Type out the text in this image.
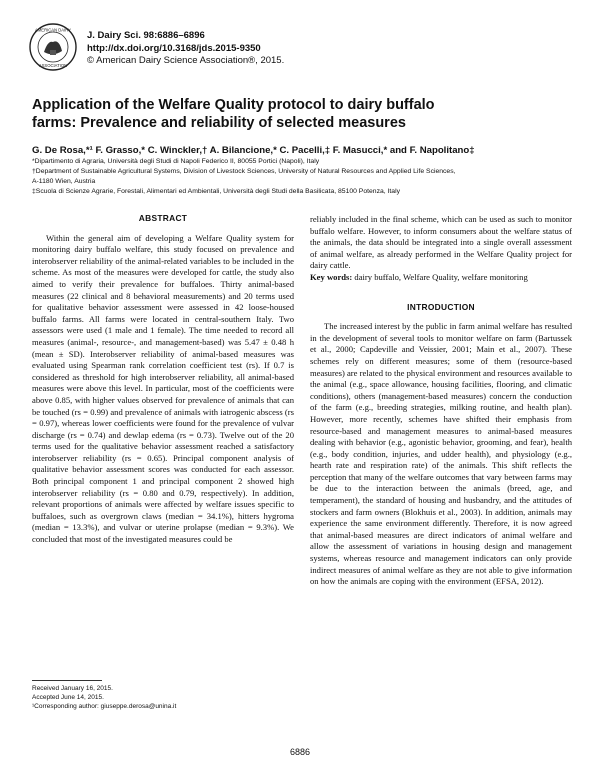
AMERICAN DAIRY
ASSOCIATION
J. Dairy Sci. 98:6886–6896
http://dx.doi.org/10.3168/jds.2015-9350
© American Dairy Science Association®, 2015.
Application of the Welfare Quality protocol to dairy buffalo
farms: Prevalence and reliability of selected measures
G. De Rosa,*¹ F. Grasso,* C. Winckler,† A. Bilancione,* C. Pacelli,‡ F. Masucci,* and F. Napolitano‡
*Dipartimento di Agraria, Università degli Studi di Napoli Federico II, 80055 Portici (Napoli), Italy
†Department of Sustainable Agricultural Systems, Division of Livestock Sciences, University of Natural Resources and Applied Life Sciences,
A-1180 Wien, Austria
‡Scuola di Scienze Agrarie, Forestali, Alimentari ed Ambientali, Università degli Studi della Basilicata, 85100 Potenza, Italy

ABSTRACT

Within the general aim of developing a Welfare Quality system for monitoring dairy buffalo welfare, this study focused on prevalence and interobserver reliability of the animal-related variables to be included in the scheme. As most of the measures were developed for cattle, the study also aimed to verify their prevalence for buffaloes. Thirty animal-based measures (22 clinical and 8 behavioral measurements) and 20 terms used for qualitative behavior assessment were assessed in 42 loose-housed buffalo farms. All farms were located in central-southern Italy. Two assessors were used (1 male and 1 female). The time needed to record all measures (animal-, resource-, and management-based) was 5.47 ± 0.48 h (mean ± SD). Interobserver reliability of animal-based measures was evaluated using Spearman rank correlation coefficient test (rs). If 0.7 is considered as threshold for high interobserver reliability, all animal-based measures were above this level. In particular, most of the coefficients were above 0.85, with higher values observed for prevalence of animals that can be touched (rs = 0.99) and prevalence of animals with iatrogenic abscess (rs = 0.97), whereas lower coefficients were found for the prevalence of vulvar discharge (rs = 0.74) and dewlap edema (rs = 0.73). Twelve out of the 20 terms used for the qualitative behavior assessment reached a satisfactory interobserver reliability (rs = 0.65). Principal component analysis of qualitative behavior assessment scores was conducted for each assessor. Both principal component 1 and principal component 2 showed high interobserver reliability (rs = 0.80 and 0.79, respectively). In addition, relevant proportions of animals were affected by welfare issues specific to buffaloes, such as overgrown claws (median = 34.1%), hitters hygroma (median = 13.3%), and vulvar or uterine prolapse (median = 9.3%). We concluded that most of the investigated measures could be

reliably included in the final scheme, which can be used as such to monitor buffalo welfare. However, to inform consumers about the welfare status of the animals, the data should be integrated into a single overall assessment of animal welfare, as already performed in the Welfare Quality project for dairy cattle.

Key words: dairy buffalo, Welfare Quality, welfare monitoring

INTRODUCTION

The increased interest by the public in farm animal welfare has resulted in the development of several tools to monitor welfare on farm (Bartussek et al., 2000; Capdeville and Veissier, 2001; Main et al., 2007). These schemes rely on different measures; some of them (resource-based measures) are related to the physical environment and resources available to the animal (e.g., space allowance, housing facilities, flooring, and climatic conditions), others (management-based measures) concern the conduction of the farm (e.g., breeding strategies, milking routine, and health plan). However, more recently, schemes have shifted their emphasis from resource-based and management measures to animal-based measures dealing with behavior (e.g., agonistic behavior, grooming, and fear), health (e.g., body condition, injuries, and udder health), and physiology (e.g., hearth rate and respiration rate) of the animals. This shift reflects the perception that many of the welfare outcomes that vary between farms may be due to the interaction between the animals (breed, age, and temperament), the standard of housing and husbandry, and the attitudes of stockers and farm owners (Blokhuis et al., 2003). In addition, animals may experience the same environment differently. Therefore, it is now agreed that animal-based measures are direct indicators of animal welfare and allow the assessment of variations in housing design and management systems, whereas resource and management indicators can only provide indirect measures of animal welfare as they are not able to give information on how the animals are coping with the environment (EFSA, 2012).

Received January 16, 2015.
Accepted June 14, 2015.
¹Corresponding author: giuseppe.derosa@unina.it
6886
